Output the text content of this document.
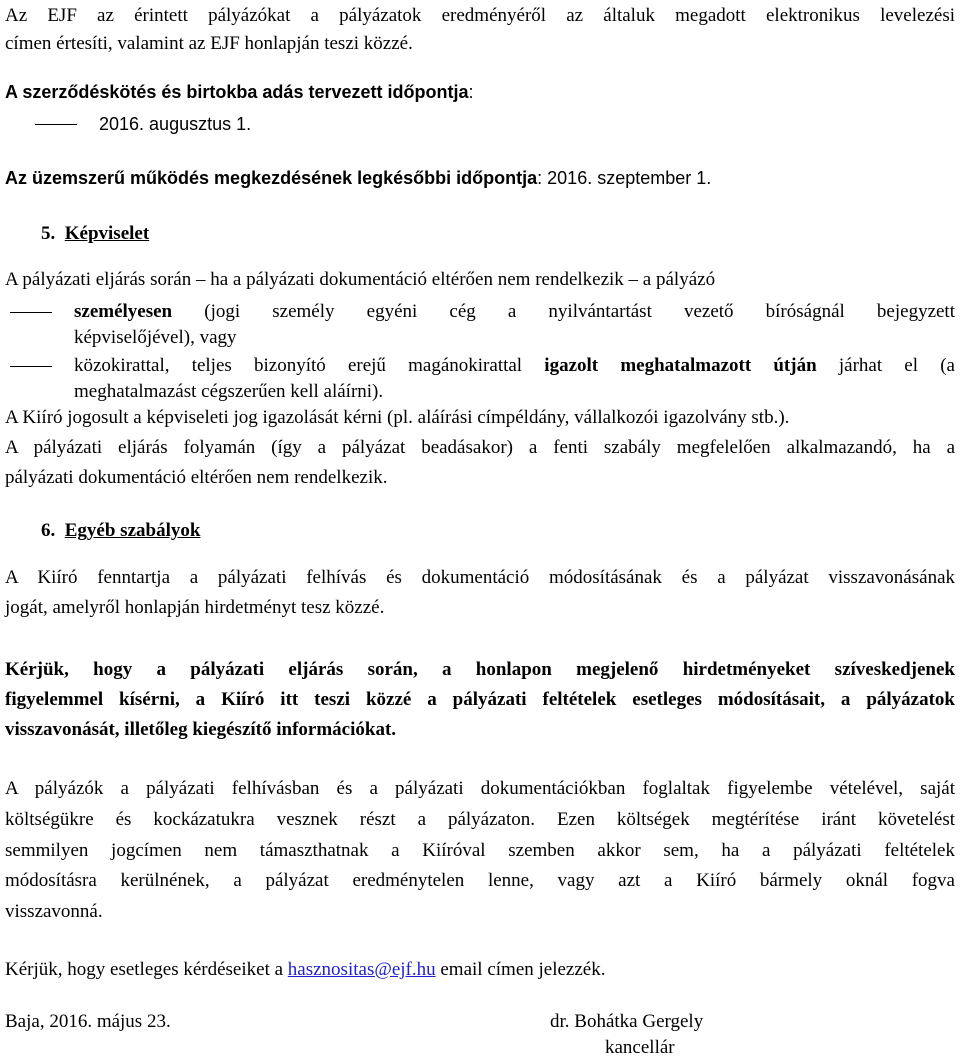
Az EJF az érintett pályázókat a pályázatok eredményéről az általuk megadott elektronikus levelezési
címen értesíti, valamint az EJF honlapján teszi közzé.
A szerződéskötés és birtokba adás tervezett időpontja:
2016. augusztus 1.
Az üzemszerű működés megkezdésének legkésőbbi időpontja: 2016. szeptember 1.
5. Képviselet
A pályázati eljárás során – ha a pályázati dokumentáció eltérően nem rendelkezik – a pályázó
személyesen (jogi személy egyéni cég a nyilvántartást vezető bíróságnál bejegyzett
képviselőjével), vagy
közokirattal, teljes bizonyító erejű magánokirattal igazolt meghatalmazott útján járhat el (a
meghatalmazást cégszerűen kell aláírni).
A Kiíró jogosult a képviseleti jog igazolását kérni (pl. aláírási címpéldány, vállalkozói igazolvány stb.).
A pályázati eljárás folyamán (így a pályázat beadásakor) a fenti szabály megfelelően alkalmazandó, ha a
pályázati dokumentáció eltérően nem rendelkezik.
6. Egyéb szabályok
A Kiíró fenntartja a pályázati felhívás és dokumentáció módosításának és a pályázat visszavonásának
jogát, amelyről honlapján hirdetményt tesz közzé.
Kérjük, hogy a pályázati eljárás során, a honlapon megjelenő hirdetményeket szíveskedjenek
figyelemmel kísérni, a Kiíró itt teszi közzé a pályázati feltételek esetleges módosításait, a pályázatok
visszavonását, illetőleg kiegészítő információkat.
A pályázók a pályázati felhívásban és a pályázati dokumentációkban foglaltak figyelembe vételével, saját
költségükre és kockázatukra vesznek részt a pályázaton. Ezen költségek megtérítése iránt követelést
semmilyen jogcímen nem támaszthatnak a Kiíróval szemben akkor sem, ha a pályázati feltételek
módosításra kerülnének, a pályázat eredménytelen lenne, vagy azt a Kiíró bármely oknál fogva
visszavonná.
Kérjük, hogy esetleges kérdéseiket a hasznositas@ejf.hu email címen jelezzék.
Baja, 2016. május 23.	dr. Bohátka Gergely
kancellár
